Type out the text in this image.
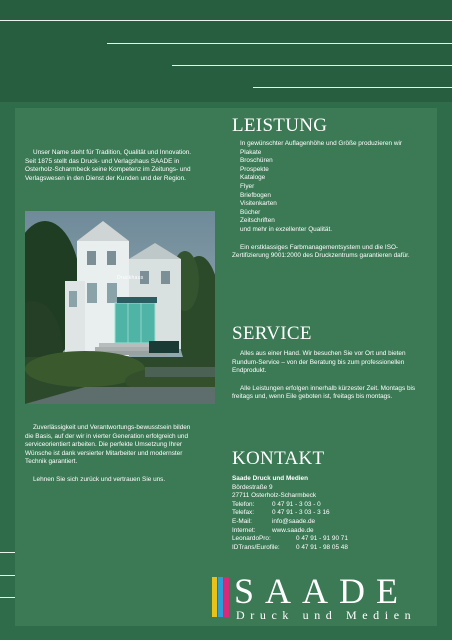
Unser Name steht für Tradition, Qualität und Innovation. Seit 1875 stellt das Druck- und Verlagshaus SAADE in Osterholz-Scharmbeck seine Kompetenz im Zeitungs- und Verlagswesen in den Dienst der Kunden und der Region.

Druckhaus

Zuverlässigkeit und Verantwortungs-bewusstsein bilden die Basis, auf der wir in vierter Generation erfolgreich und serviceorientiert arbeiten. Die perfekte Umsetzung Ihrer Wünsche ist dank versierter Mitarbeiter und modernster Technik garantiert.

Lehnen Sie sich zurück und vertrauen Sie uns.

LEISTUNG
In gewünschter Auflagenhöhe und Größe produzieren wir
Plakate
Broschüren
Prospekte
Kataloge
Flyer
Briefbogen
Visitenkarten
Bücher
Zeitschriften
und mehr in exzellenter Qualität.
Ein erstklassiges Farbmanagementsystem und die ISO-Zertifizierung 9001:2000 des Druckzentrums garantieren dafür.
SERVICE
Alles aus einer Hand. Wir besuchen Sie vor Ort und bieten Rundum-Service – von der Beratung bis zum professionellen Endprodukt.
Alle Leistungen erfolgen innerhalb kürzester Zeit. Montags bis freitags und, wenn Eile geboten ist, freitags bis montags.
KONTAKT
Saade Druck und Medien
Bördestraße 9
27711 Osterholz-Scharmbeck
Telefon:	0 47 91 - 3 03 - 0
Telefax:	0 47 91 - 3 03 - 3 16
E-Mail:	info@saade.de
Internet:	www.saade.de
LeonardoPro:	0 47 91 - 91 90 71
IDTrans/Eurofile:	0 47 91 - 98 05 48
SAADE
Druck und Medien
